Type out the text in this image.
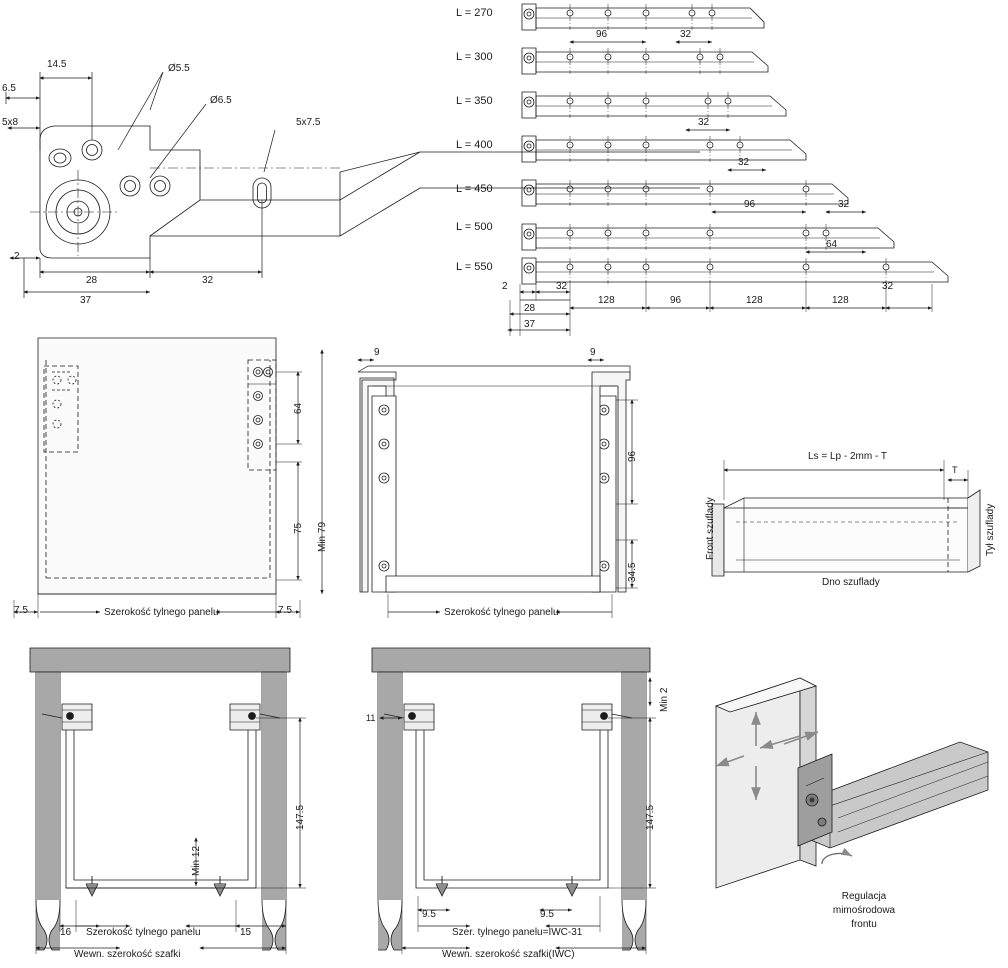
14.5
6.5
5x8
Ø5.5
Ø6.5
5x7.5
2
28	32
37
L = 270
L = 300
L = 350
L = 400
L = 450
L = 500
L = 550
96	32
32
32
96	32
64
2
28
37
32
128	96	128	128
32
64
75 Min 79
7.5	7.5
Szerokość tylnego panelu
9	9
96
34.5
Szerokość tylnego panelu
Ls = Lp - 2mm - T
T
Front szuflady	Tył szuflady
Dno szuflady
147.5
Min 12
16	15
Szerokość tylnego panelu
Wewn. szerokość szafki
147.5
Min 2
11
9.5	9.5
Szer. tylnego panelu=IWC-31
Wewn. szerokość szafki(IWC)
Regulacja
mimośrodowa
frontu
